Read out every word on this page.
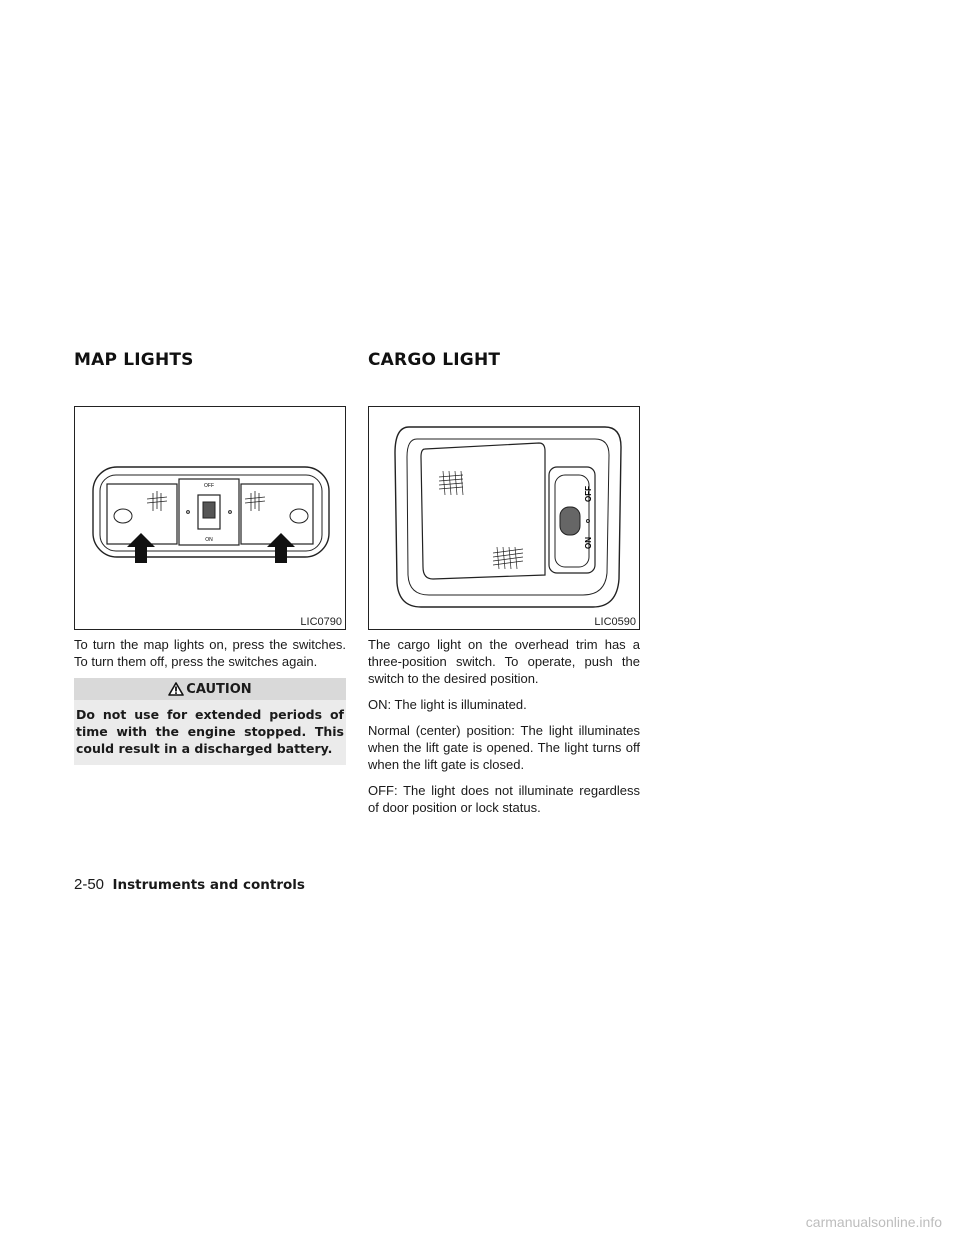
MAP LIGHTS	CARGO LIGHT
OFF
ON
LIC0790
OFF
ON
LIC0590
To turn the map lights on, press the switches. To turn them off, press the switches again.
CAUTION
Do not use for extended periods of time with the engine stopped. This could result in a discharged battery.

The cargo light on the overhead trim has a three-position switch. To operate, push the switch to the desired position.

ON: The light is illuminated.

Normal (center) position: The light illuminates when the lift gate is opened. The light turns off when the lift gate is closed.

OFF: The light does not illuminate regardless of door position or lock status.

2-50 Instruments and controls
carmanualsonline.info
